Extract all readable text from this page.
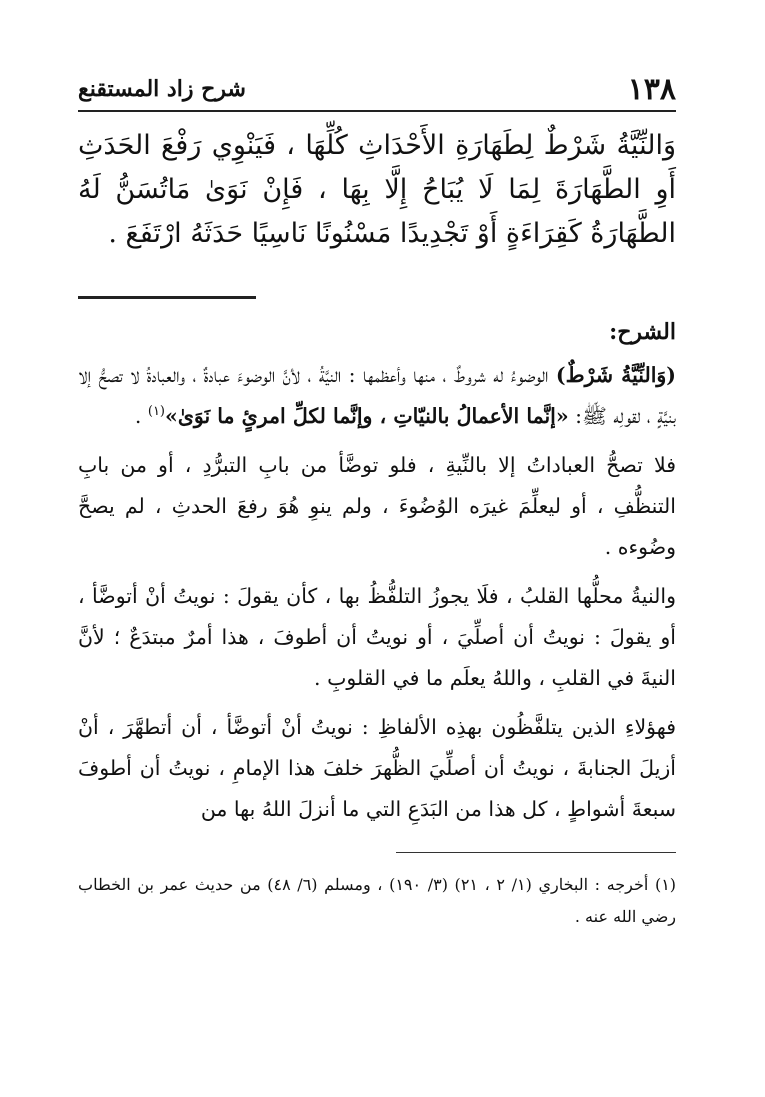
١٣٨
شرح زاد المستقنع
وَالنِّيَّةُ شَرْطٌ لِطَهَارَةِ الأَحْدَاثِ كُلِّهَا ، فَيَنْوِي رَفْعَ الحَدَثِ أَوِ الطَّهَارَةَ لِمَا لَا يُبَاحُ إِلَّا بِهَا ، فَإِنْ نَوَىٰ مَاتُسَنُّ لَهُ الطَّهَارَةُ كَقِرَاءَةٍ أَوْ تَجْدِيدًا مَسْنُونًا نَاسِيًا حَدَثَهُ ارْتَفَعَ .
الشرح:

(وَالنِّيَّةُ شَرْطٌ) الوضوءُ له شروطٌ ، منها وأعظمها : النيَّةُ ، لأنَّ الوضوءَ عبادةٌ ، والعبادةُ لا تصحُّ إلا بنيَّةٍ ، لقولِه ﷺ: «إنَّما الأعمالُ بالنيّاتِ ، وإنَّما لكلِّ امرئٍ ما نَوَىٰ»$^{(١)}$ .

فلا تصحُّ العباداتُ إلا بالنِّيةِ ، فلو توضَّأ من بابِ التبرُّدِ ، أو من بابِ التنظُّفِ ، أو ليعلِّمَ غيرَه الوُضُوءَ ، ولم ينوِ هُوَ رفعَ الحدثِ ، لم يصحَّ وضُوءه .

والنيةُ محلُّها القلبُ ، فلَا يجوزُ التلفُّظُ بها ، كأن يقولَ : نويتُ أنْ أتوضَّأ ، أو يقولَ : نويتُ أن أصلِّيَ ، أو نويتُ أن أطوفَ ، هذا أمرٌ مبتدَعٌ ؛ لأنَّ النيةَ في القلبِ ، واللهُ يعلَم ما في القلوبِ .

فهؤلاءِ الذين يتلفَّظُون بهذِه الألفاظِ : نويتُ أنْ أتوضَّأ ، أن أتطهَّرَ ، أنْ أزيلَ الجنابةَ ، نويتُ أن أصلِّيَ الظُّهرَ خلفَ هذا الإمامِ ، نويتُ أن أطوفَ سبعةَ أشواطٍ ، كل هذا من البَدَعِ التي ما أنزلَ اللهُ بها من

(١) أخرجه : البخاري (١/ ٢ ، ٢١) (٣/ ١٩٠) ، ومسلم (٦/ ٤٨) من حديث عمر بن الخطاب رضي الله عنه .
